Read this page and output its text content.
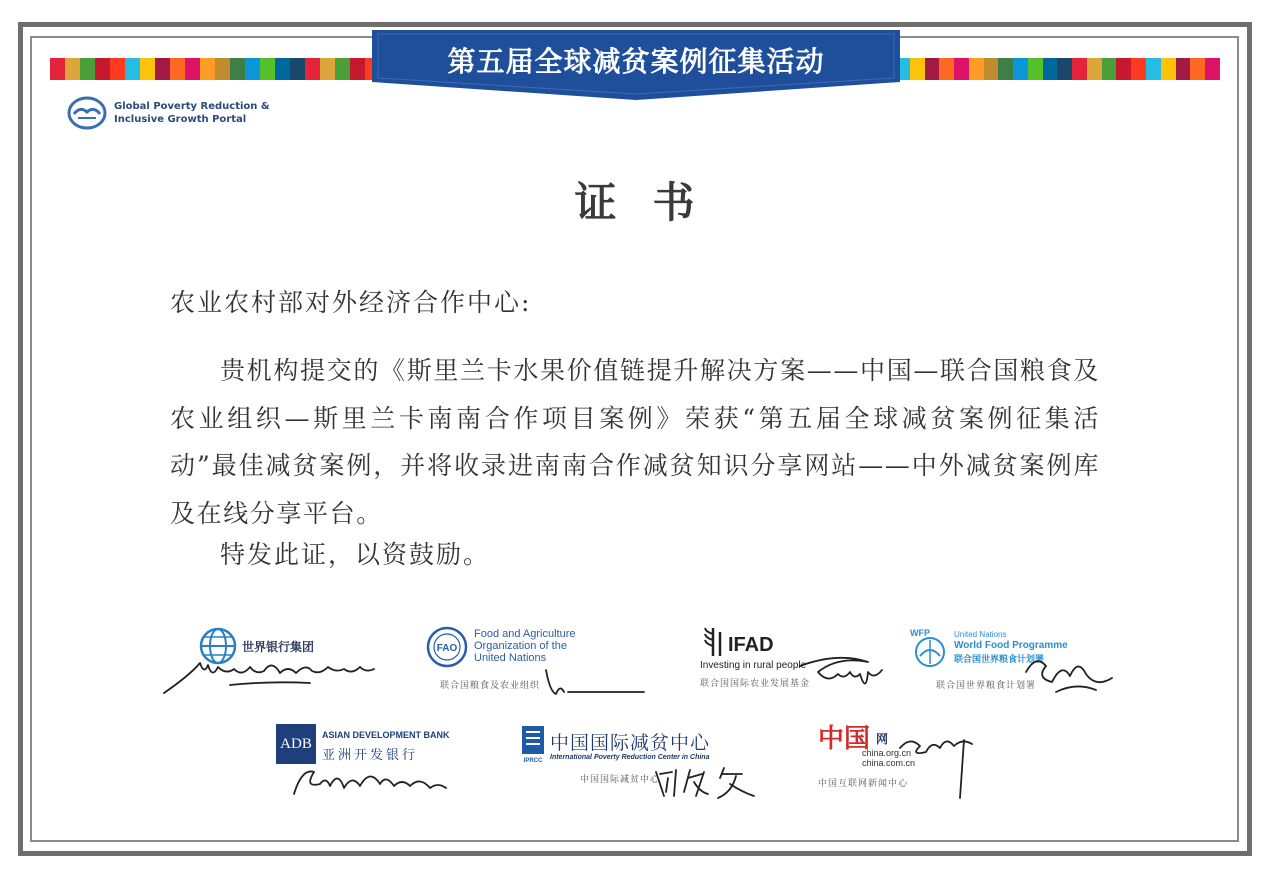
第五届全球减贫案例征集活动
Global Poverty Reduction &
Inclusive Growth Portal
证书
农业农村部对外经济合作中心:
贵机构提交的《斯里兰卡水果价值链提升解决方案——中国—联合国粮食及农业组织—斯里兰卡南南合作项目案例》荣获“第五届全球减贫案例征集活动”最佳减贫案例，并将收录进南南合作减贫知识分享网站——中外减贫案例库及在线分享平台。
特发此证，以资鼓励。
世界银行集团	FAO
Food and Agriculture
Organization of the
United Nations
联合国粮食及农业组织
IFAD
Investing in rural people
联合国国际农业发展基金
WFP	United Nations
World Food Programme
联合国世界粮食计划署
联合国世界粮食计划署
ADB
ASIAN DEVELOPMENT BANK
亚洲开发银行	IPRCC
中国国际减贫中心
International Poverty Reduction Center in China
中国国际减贫中心
中国 网
china.org.cn
china.com.cn
中国互联网新闻中心
